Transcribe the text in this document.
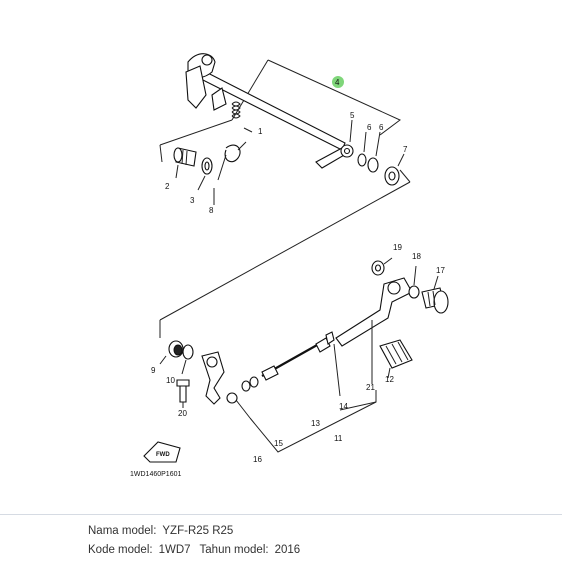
FWD
1WD1460P1601
1
2
3
4
5
6 6
7
8
9
10
11
12
13
14
15
16
17
18
19
20
21
Nama model: YZF-R25 R25
Kode model: 1WD7 Tahun model: 2016
